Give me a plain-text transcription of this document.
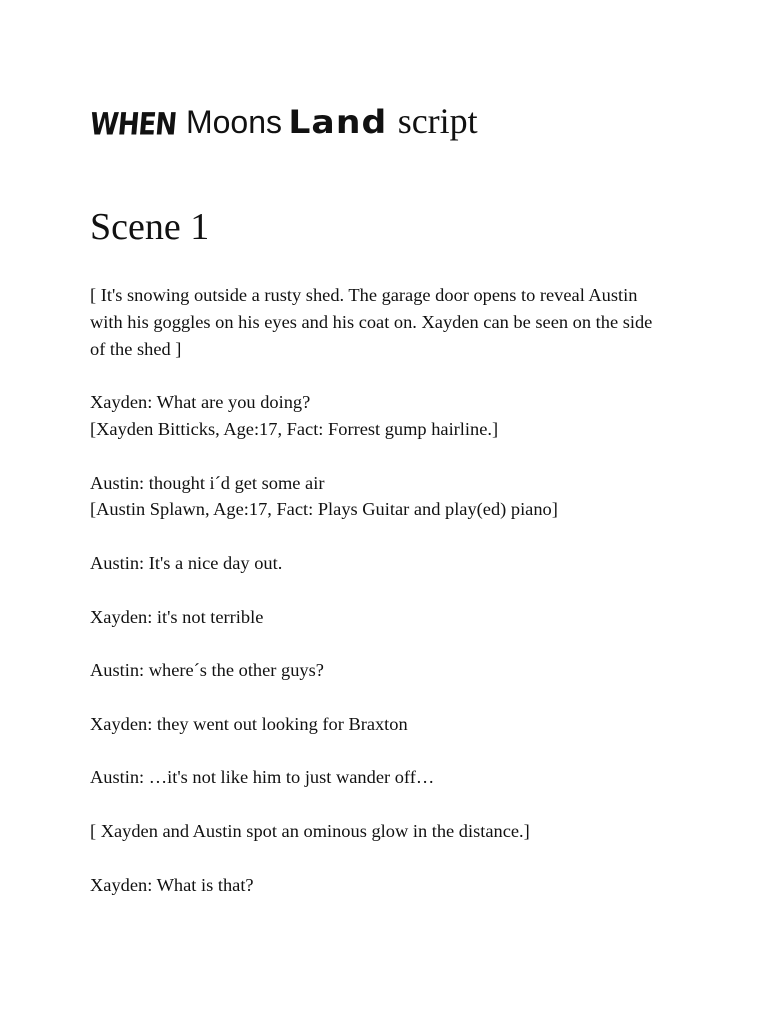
WHEN Moons Land script
Scene 1

[ It's snowing outside a rusty shed. The garage door opens to reveal Austin
with his goggles on his eyes and his coat on. Xayden can be seen on the side
of the shed ]

Xayden: What are you doing?
[Xayden Bitticks, Age:17, Fact: Forrest gump hairline.]

Austin: thought i´d get some air
[Austin Splawn, Age:17, Fact: Plays Guitar and play(ed) piano]

Austin: It's a nice day out.

Xayden: it's not terrible

Austin: where´s the other guys?

Xayden: they went out looking for Braxton

Austin: …it's not like him to just wander off…

[ Xayden and Austin spot an ominous glow in the distance.]

Xayden: What is that?
